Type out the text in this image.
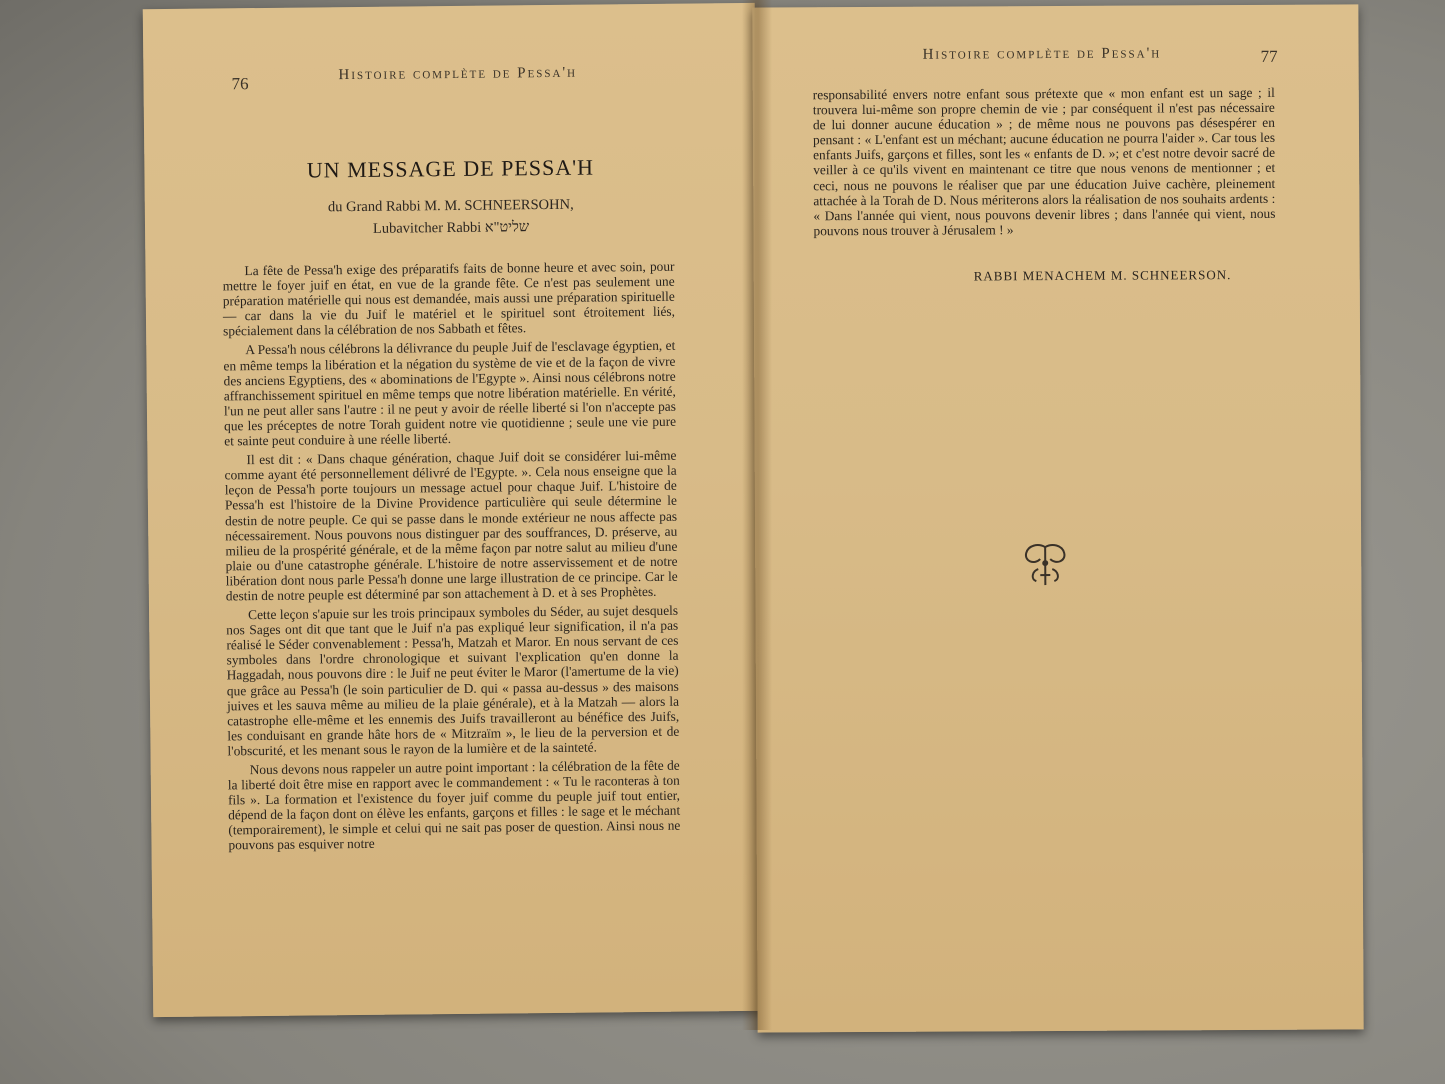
76
Histoire complète de Pessa'h
UN MESSAGE DE PESSA'H
du Grand Rabbi M. M. SCHNEERSOHN,
Lubavitcher Rabbi שליט"א

La fête de Pessa'h exige des préparatifs faits de bonne heure et avec soin, pour mettre le foyer juif en état, en vue de la grande fête. Ce n'est pas seulement une préparation matérielle qui nous est demandée, mais aussi une préparation spirituelle — car dans la vie du Juif le matériel et le spirituel sont étroitement liés, spécialement dans la célébration de nos Sabbath et fêtes.

A Pessa'h nous célébrons la délivrance du peuple Juif de l'esclavage égyptien, et en même temps la libération et la négation du système de vie et de la façon de vivre des anciens Egyptiens, des « abominations de l'Egypte ». Ainsi nous célébrons notre affranchissement spirituel en même temps que notre libération matérielle. En vérité, l'un ne peut aller sans l'autre : il ne peut y avoir de réelle liberté si l'on n'accepte pas que les préceptes de notre Torah guident notre vie quotidienne ; seule une vie pure et sainte peut conduire à une réelle liberté.

Il est dit : « Dans chaque génération, chaque Juif doit se considérer lui-même comme ayant été personnellement délivré de l'Egypte. ». Cela nous enseigne que la leçon de Pessa'h porte toujours un message actuel pour chaque Juif. L'histoire de Pessa'h est l'histoire de la Divine Providence particulière qui seule détermine le destin de notre peuple. Ce qui se passe dans le monde extérieur ne nous affecte pas nécessairement. Nous pouvons nous distinguer par des souffrances, D. préserve, au milieu de la prospérité générale, et de la même façon par notre salut au milieu d'une plaie ou d'une catastrophe générale. L'histoire de notre asservissement et de notre libération dont nous parle Pessa'h donne une large illustration de ce principe. Car le destin de notre peuple est déterminé par son attachement à D. et à ses Prophètes.

Cette leçon s'apuie sur les trois principaux symboles du Séder, au sujet desquels nos Sages ont dit que tant que le Juif n'a pas expliqué leur signification, il n'a pas réalisé le Séder convenablement : Pessa'h, Matzah et Maror. En nous servant de ces symboles dans l'ordre chronologique et suivant l'explication qu'en donne la Haggadah, nous pouvons dire : le Juif ne peut éviter le Maror (l'amertume de la vie) que grâce au Pessa'h (le soin particulier de D. qui « passa au-dessus » des maisons juives et les sauva même au milieu de la plaie générale), et à la Matzah — alors la catastrophe elle-même et les ennemis des Juifs travailleront au bénéfice des Juifs, les conduisant en grande hâte hors de « Mitzraïm », le lieu de la perversion et de l'obscurité, et les menant sous le rayon de la lumière et de la sainteté.

Nous devons nous rappeler un autre point important : la célébration de la fête de la liberté doit être mise en rapport avec le commandement : « Tu le raconteras à ton fils ». La formation et l'existence du foyer juif comme du peuple juif tout entier, dépend de la façon dont on élève les enfants, garçons et filles : le sage et le méchant (temporairement), le simple et celui qui ne sait pas poser de question. Ainsi nous ne pouvons pas esquiver notre

Histoire complète de Pessa'h	77

responsabilité envers notre enfant sous prétexte que « mon enfant est un sage ; il trouvera lui-même son propre chemin de vie ; par conséquent il n'est pas nécessaire de lui donner aucune éducation » ; de même nous ne pouvons pas désespérer en pensant : « L'enfant est un méchant; aucune éducation ne pourra l'aider ». Car tous les enfants Juifs, garçons et filles, sont les « enfants de D. »; et c'est notre devoir sacré de veiller à ce qu'ils vivent en maintenant ce titre que nous venons de mentionner ; et ceci, nous ne pouvons le réaliser que par une éducation Juive cachère, pleinement attachée à la Torah de D. Nous mériterons alors la réalisation de nos souhaits ardents : « Dans l'année qui vient, nous pouvons devenir libres ; dans l'année qui vient, nous pouvons nous trouver à Jérusalem ! »

RABBI MENACHEM M. SCHNEERSON.
